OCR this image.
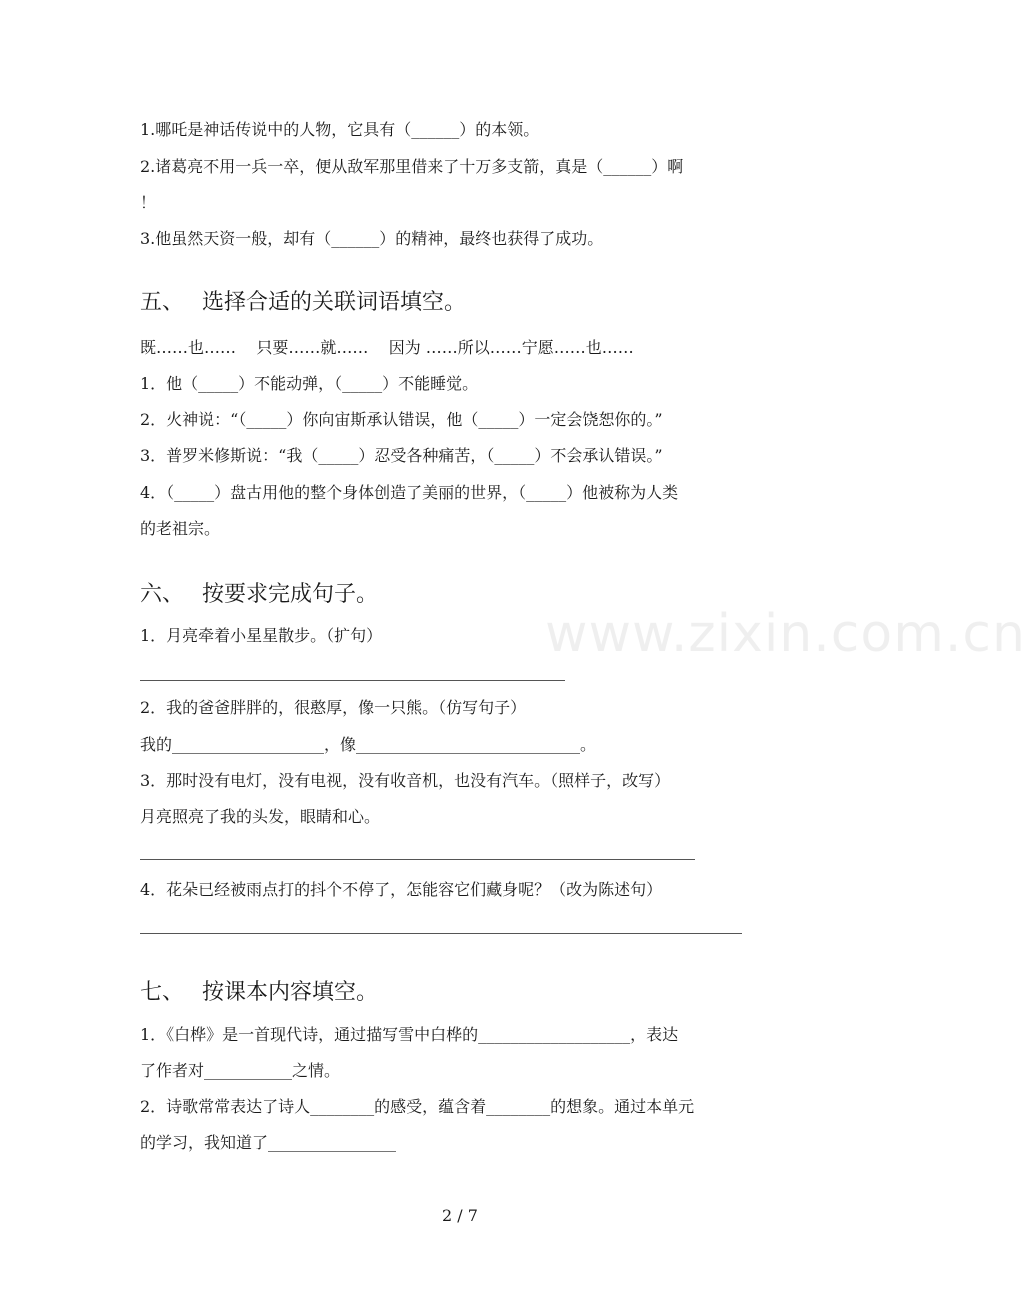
1.哪吒是神话传说中的人物，它具有（______）的本领。
2.诸葛亮不用一兵一卒，便从敌军那里借来了十万多支箭，真是（______）啊
！
3.他虽然天资一般，却有（______）的精神，最终也获得了成功。
五、 选择合适的关联词语填空。
既……也……    只要……就……    因为 ……所以……宁愿……也……
1．他（_____）不能动弹，（_____）不能睡觉。
2．火神说：“（_____）你向宙斯承认错误，他（_____）一定会饶恕你的。”
3．普罗米修斯说：“我（_____）忍受各种痛苦，（_____）不会承认错误。”
4．（_____）盘古用他的整个身体创造了美丽的世界，（_____）他被称为人类
的老祖宗。
六、 按要求完成句子。
1．月亮牵着小星星散步。（扩句）
2．我的爸爸胖胖的，很憨厚，像一只熊。（仿写句子）
我的___________________，像____________________________。
3．那时没有电灯，没有电视，没有收音机，也没有汽车。（照样子，改写）
月亮照亮了我的头发，眼睛和心。
4．花朵已经被雨点打的抖个不停了，怎能容它们藏身呢？（改为陈述句）
七、 按课本内容填空。
1．《白桦》是一首现代诗，通过描写雪中白桦的___________________，表达
了作者对___________之情。
2．诗歌常常表达了诗人________的感受，蕴含着________的想象。通过本单元
的学习，我知道了________________
www.zixin.com.cn
2 / 7
